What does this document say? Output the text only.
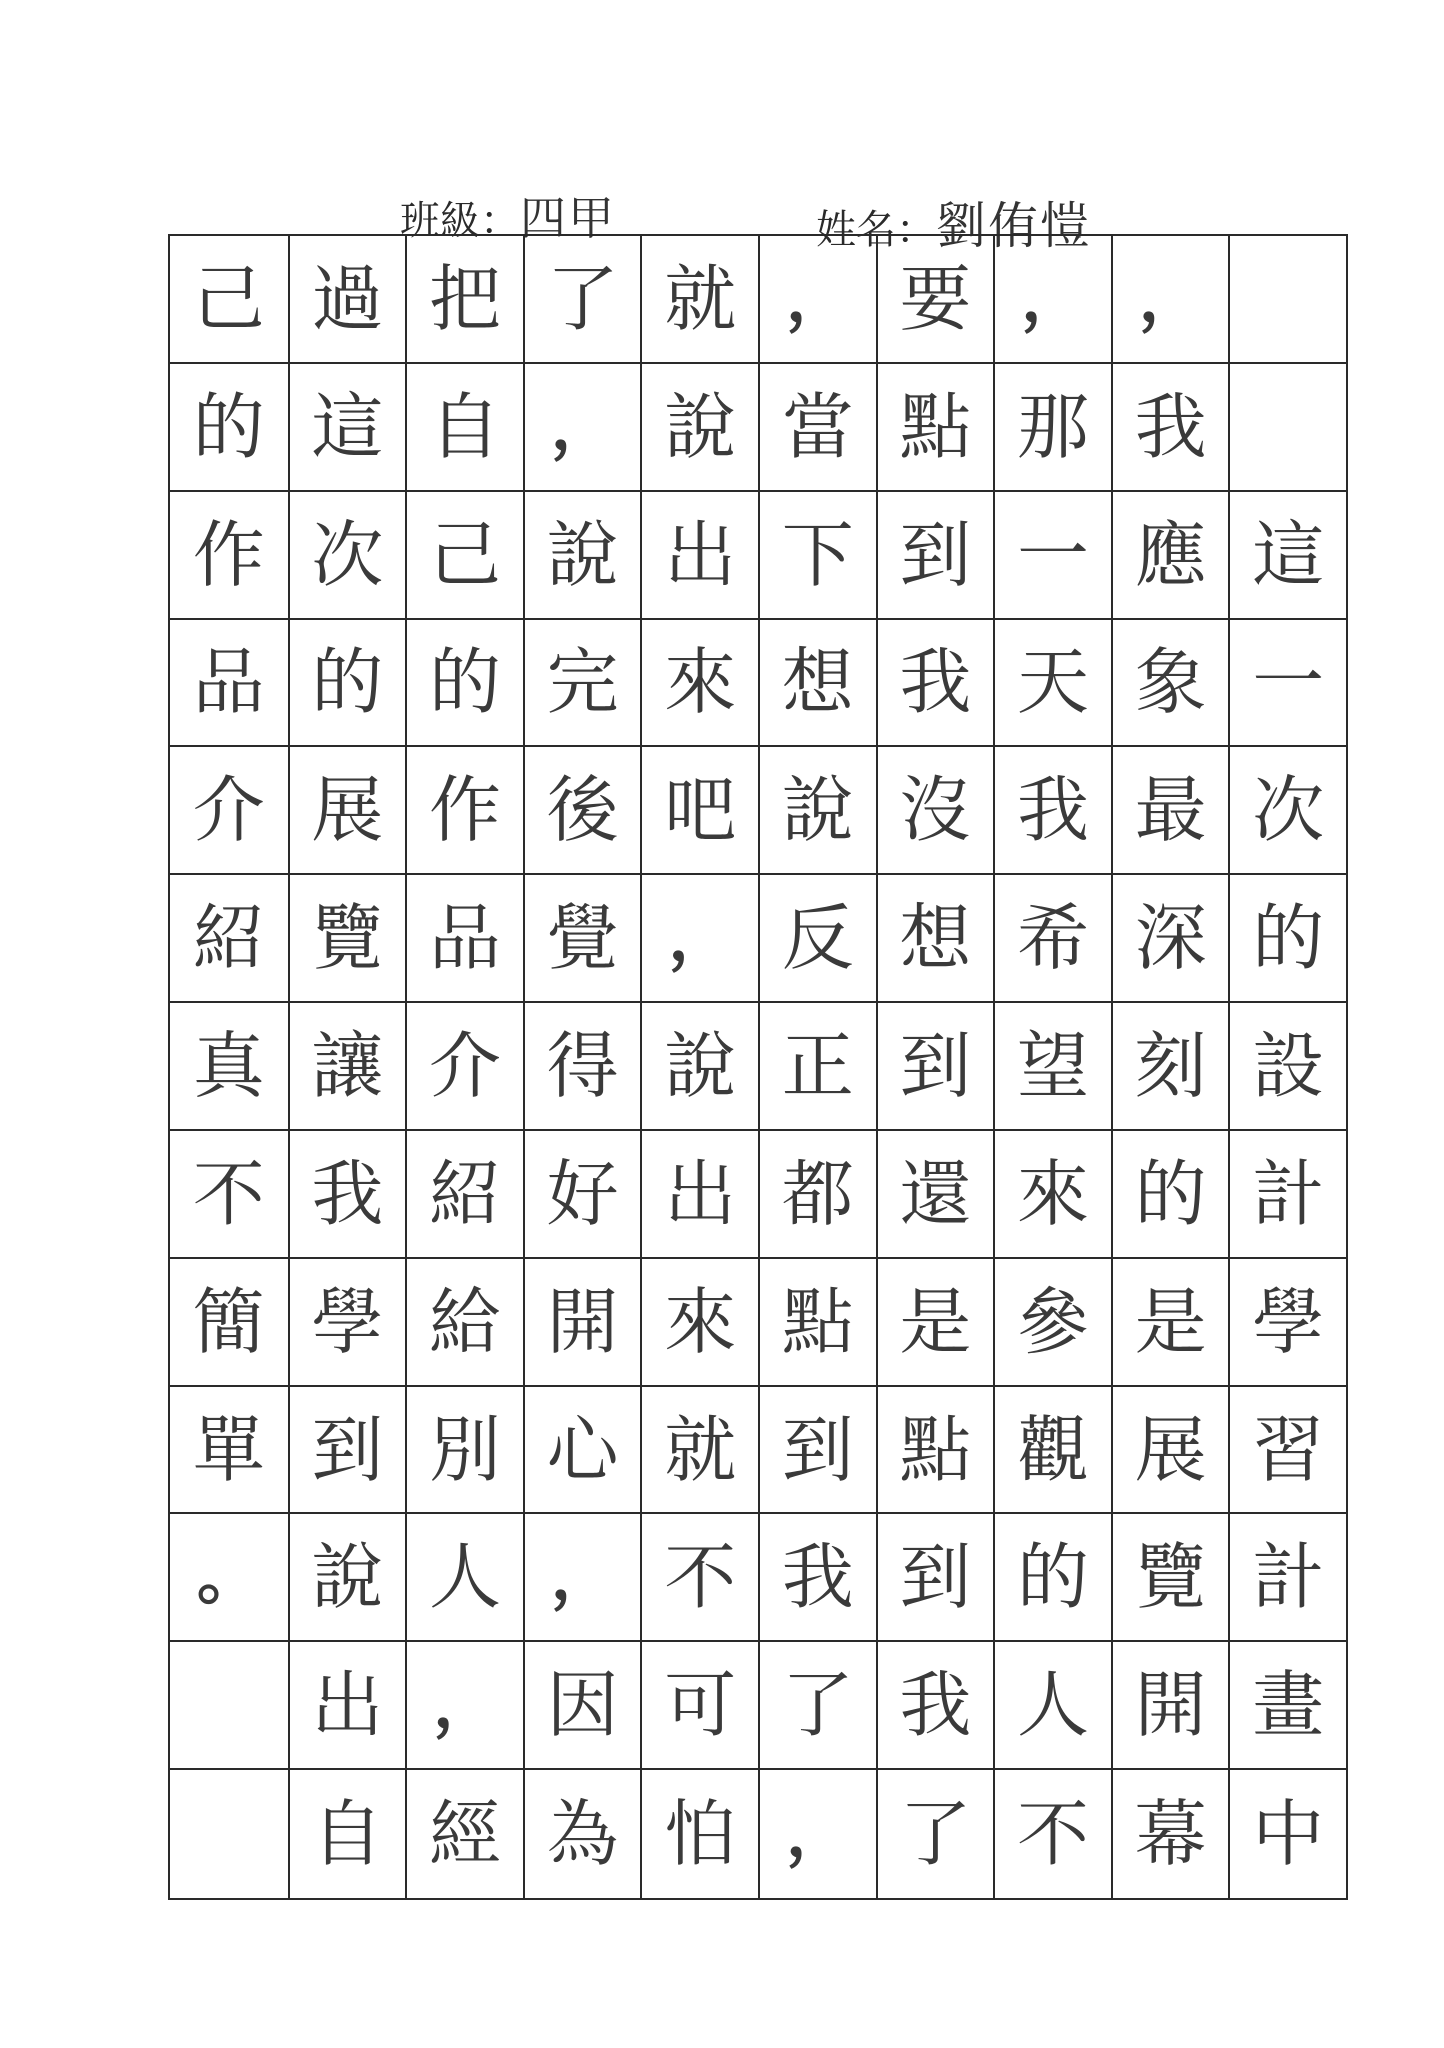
班級：四甲	姓名：劉侑愷
這
一
次
的
設
計
學
習
計
畫
中
，
我
應
象
最
深
刻
的
是
展
覽
開
幕
，
那
一
天
我
希
望
來
參
觀
的
人
不
要
點
到
我
沒
想
到
還
是
點
到
我
了
，
當
下
想
說
反
正
都
點
到
我
了
，
就
說
出
來
吧
，
說
出
來
就
不
可
怕
了
，
說
完
後
覺
得
好
開
心
，
因
為
把
自
己
的
作
品
介
紹
給
別
人
，
經
過
這
次
的
展
覽
讓
我
學
到
說
出
自
己
的
作
品
介
紹
真
不
簡
單
。
